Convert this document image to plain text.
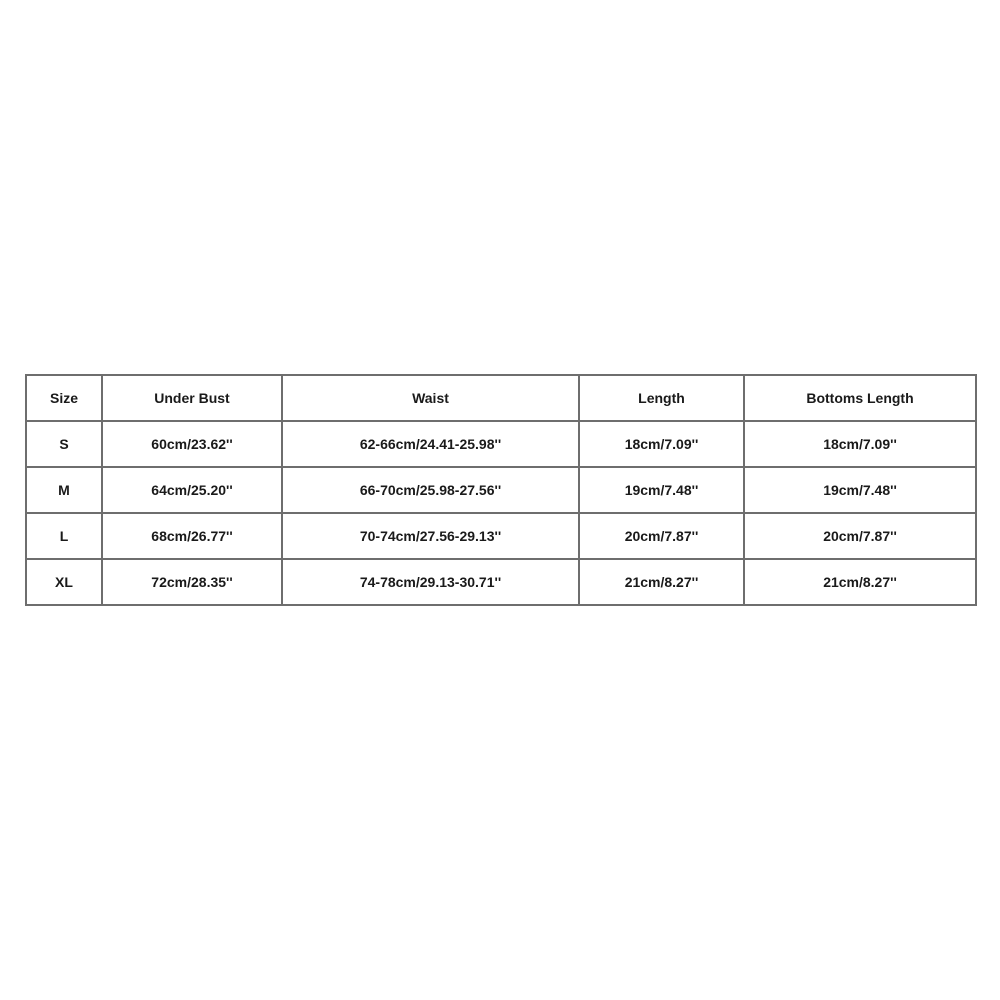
Size	Under Bust	Waist	Length	Bottoms Length
S	60cm/23.62''	62-66cm/24.41-25.98''	18cm/7.09''	18cm/7.09''
M	64cm/25.20''	66-70cm/25.98-27.56''	19cm/7.48''	19cm/7.48''
L	68cm/26.77''	70-74cm/27.56-29.13''	20cm/7.87''	20cm/7.87''
XL	72cm/28.35''	74-78cm/29.13-30.71''	21cm/8.27''	21cm/8.27''
